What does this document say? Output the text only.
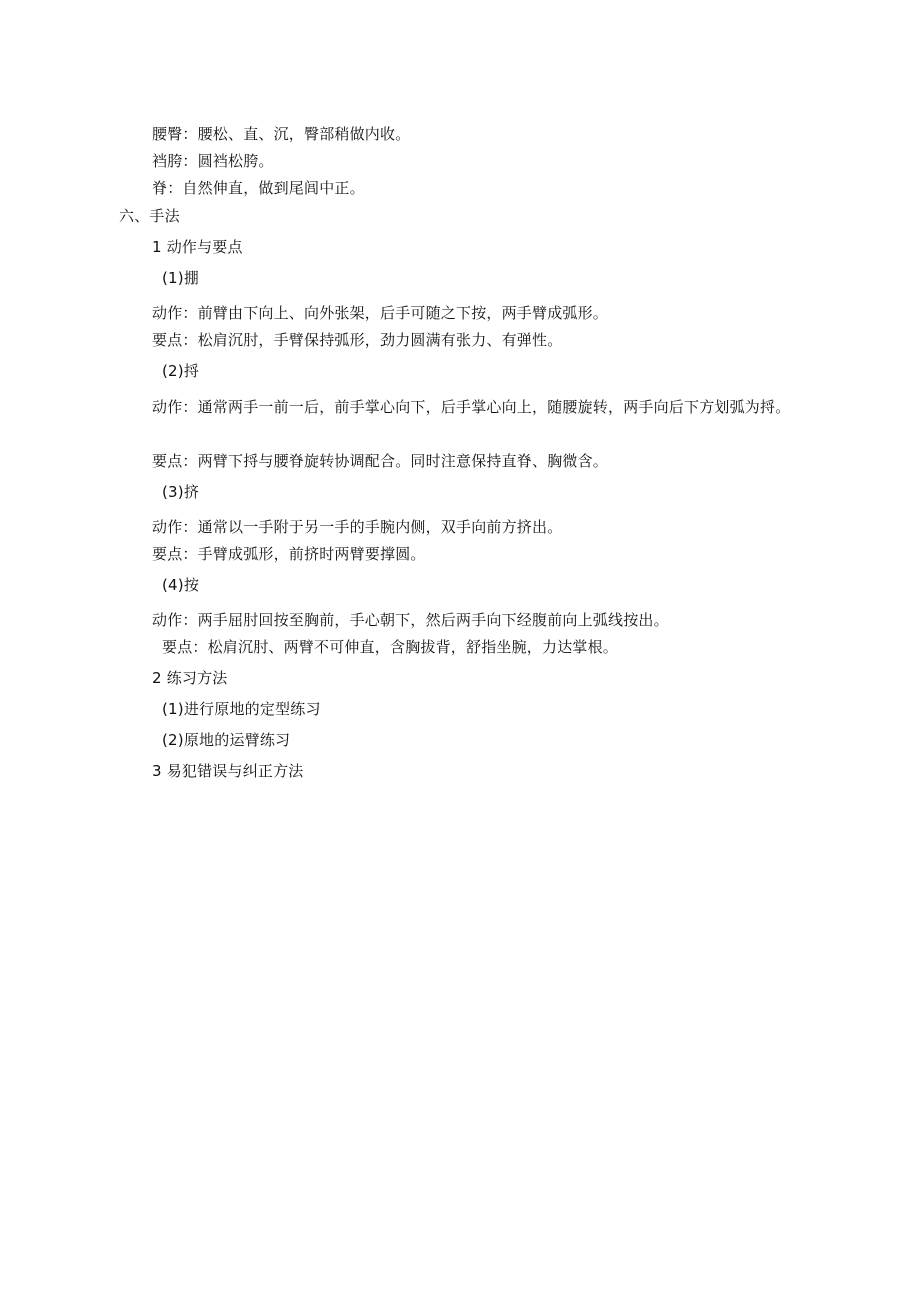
腰臀：腰松、直、沉，臀部稍做内收。
裆胯：圆裆松胯。
脊：自然伸直，做到尾闾中正。
六、手法
1 动作与要点
(1)掤
动作：前臂由下向上、向外张架，后手可随之下按，两手臂成弧形。
要点：松肩沉肘，手臂保持弧形，劲力圆满有张力、有弹性。
(2)捋
动作：通常两手一前一后，前手掌心向下，后手掌心向上，随腰旋转，两手向后下方划弧为捋。
要点：两臂下捋与腰脊旋转协调配合。同时注意保持直脊、胸微含。
(3)挤
动作：通常以一手附于另一手的手腕内侧，双手向前方挤出。
要点：手臂成弧形，前挤时两臂要撑圆。
(4)按
动作：两手屈肘回按至胸前，手心朝下，然后两手向下经腹前向上弧线按出。
要点：松肩沉肘、两臂不可伸直，含胸拔背，舒指坐腕，力达掌根。
2 练习方法
(1)进行原地的定型练习
(2)原地的运臂练习
3 易犯错误与纠正方法
